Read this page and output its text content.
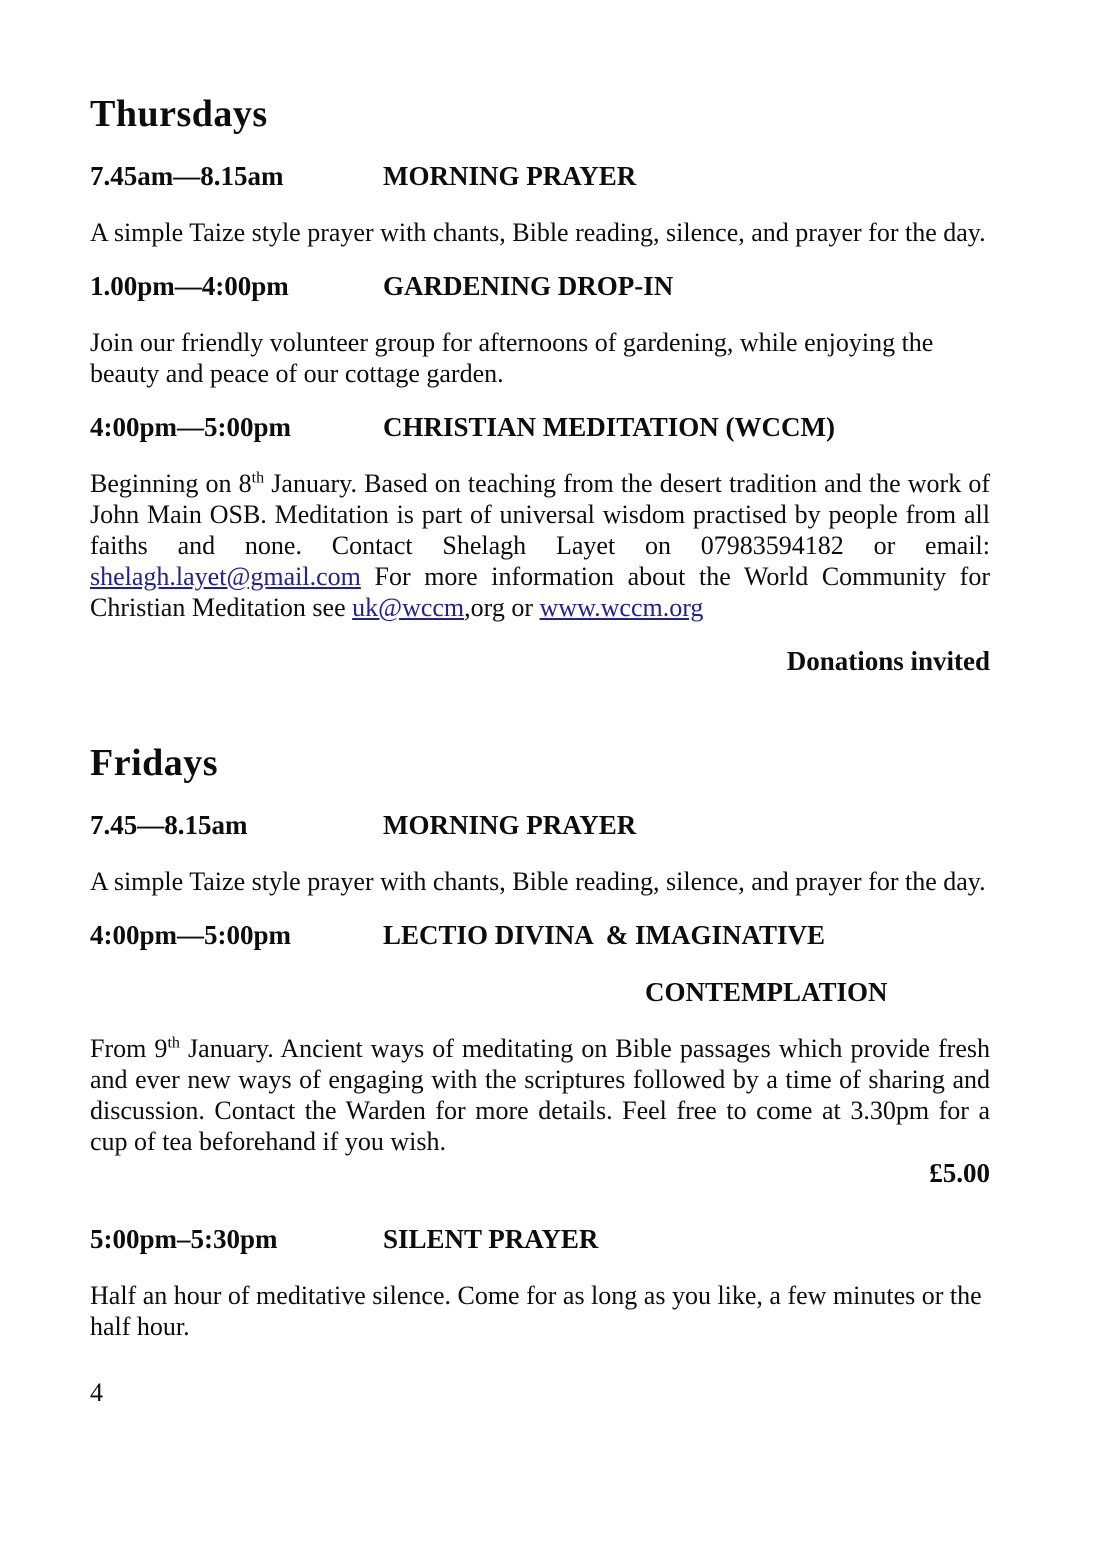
Thursdays
7.45am—8.15am	MORNING PRAYER

A simple Taize style prayer with chants, Bible reading, silence, and prayer for the day.

1.00pm—4:00pm	GARDENING DROP-IN

Join our friendly volunteer group for afternoons of gardening, while enjoying the beauty and peace of our cottage garden.

4:00pm—5:00pm	CHRISTIAN MEDITATION (WCCM)

Beginning on 8th January. Based on teaching from the desert tradition and the work of John Main OSB. Meditation is part of universal wisdom practised by people from all faiths and none. Contact Shelagh Layet on 07983594182 or email: shelagh.layet@gmail.com For more information about the World Community for Christian Meditation see uk@wccm,org or www.wccm.org

Donations invited
Fridays
7.45—8.15am	MORNING PRAYER

A simple Taize style prayer with chants, Bible reading, silence, and prayer for the day.

4:00pm—5:00pm	LECTIO DIVINA  & IMAGINATIVE
CONTEMPLATION

From 9th January. Ancient ways of meditating on Bible passages which provide fresh and ever new ways of engaging with the scriptures followed by a time of sharing and discussion. Contact the Warden for more details. Feel free to come at 3.30pm for a cup of tea beforehand if you wish.

£5.00
5:00pm–5:30pm	SILENT PRAYER

Half an hour of meditative silence. Come for as long as you like, a few minutes or the half hour.

4
